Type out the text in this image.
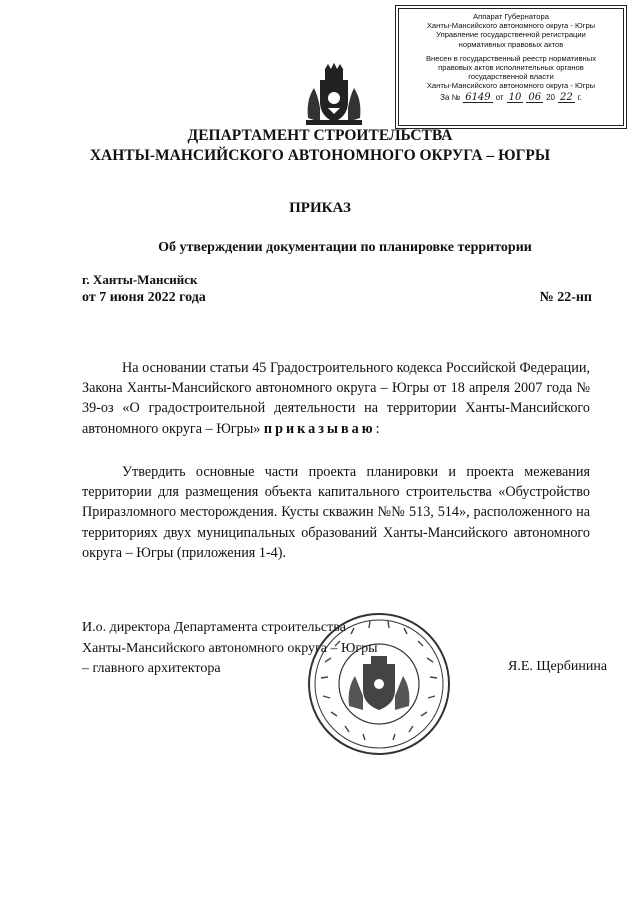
Аппарат Губернатора
Ханты-Мансийского автономного округа - Югры
Управление государственной регистрации
нормативных правовых актов
Внесен в государственный реестр нормативных
правовых актов исполнительных органов
государственной власти
Ханты-Мансийского автономного округа - Югры
За № 6149 от 10 06 20 22 г.
ДЕПАРТАМЕНТ СТРОИТЕЛЬСТВА
ХАНТЫ-МАНСИЙСКОГО АВТОНОМНОГО ОКРУГА – ЮГРЫ
ПРИКАЗ
Об утверждении документации по планировке территории
г. Ханты-Мансийск
от 7 июня 2022 года	№ 22-нп
На основании статьи 45 Градостроительного кодекса Российской Федерации, Закона Ханты-Мансийского автономного округа – Югры от 18 апреля 2007 года № 39-оз «О градостроительной деятельности на территории Ханты-Мансийского автономного округа – Югры» приказываю:
Утвердить основные части проекта планировки и проекта межевания территории для размещения объекта капитального строительства «Обустройство Приразломного месторождения. Кусты скважин №№ 513, 514», расположенного на территориях двух муниципальных образований Ханты-Мансийского автономного округа – Югры (приложения 1-4).
И.о. директора Департамента строительства
Ханты-Мансийского автономного округа – Югры
– главного архитектора	Я.Е. Щербинина
